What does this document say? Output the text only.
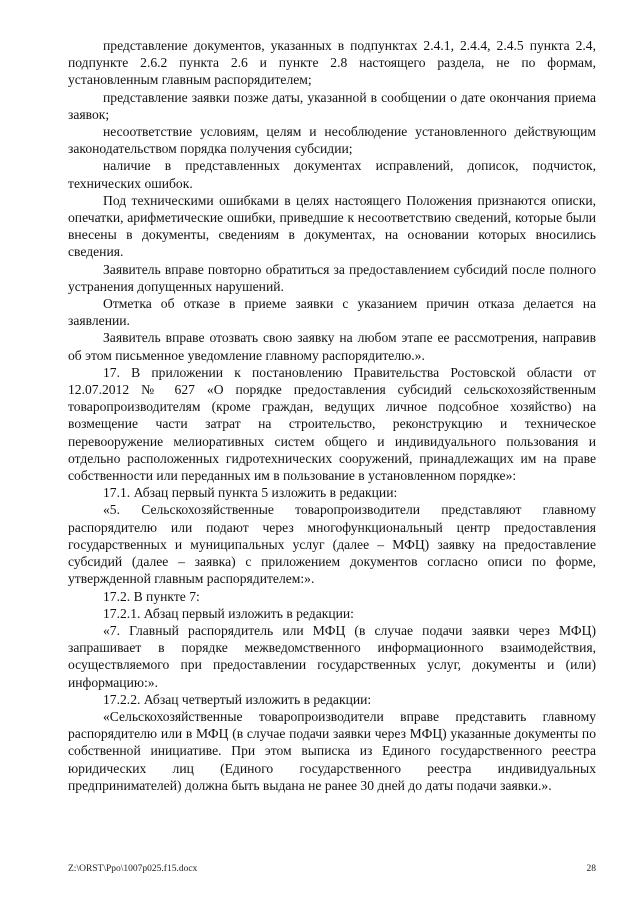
представление документов, указанных в подпунктах 2.4.1, 2.4.4, 2.4.5 пункта 2.4, подпункте 2.6.2 пункта 2.6 и пункте 2.8 настоящего раздела, не по формам, установленным главным распорядителем;

представление заявки позже даты, указанной в сообщении о дате окончания приема заявок;

несоответствие условиям, целям и несоблюдение установленного действующим законодательством порядка получения субсидии;

наличие в представленных документах исправлений, дописок, подчисток, технических ошибок.

Под техническими ошибками в целях настоящего Положения признаются описки, опечатки, арифметические ошибки, приведшие к несоответствию сведений, которые были внесены в документы, сведениям в документах, на основании которых вносились сведения.

Заявитель вправе повторно обратиться за предоставлением субсидий после полного устранения допущенных нарушений.

Отметка об отказе в приеме заявки с указанием причин отказа делается на заявлении.

Заявитель вправе отозвать свою заявку на любом этапе ее рассмотрения, направив об этом письменное уведомление главному распорядителю.».

17. В приложении к постановлению Правительства Ростовской области от 12.07.2012 № 627 «О порядке предоставления субсидий сельскохозяйственным товаропроизводителям (кроме граждан, ведущих личное подсобное хозяйство) на возмещение части затрат на строительство, реконструкцию и техническое перевооружение мелиоративных систем общего и индивидуального пользования и отдельно расположенных гидротехнических сооружений, принадлежащих им на праве собственности или переданных им в пользование в установленном порядке»:

17.1. Абзац первый пункта 5 изложить в редакции:

«5. Сельскохозяйственные товаропроизводители представляют главному распорядителю или подают через многофункциональный центр предоставления государственных и муниципальных услуг (далее – МФЦ) заявку на предоставление субсидий (далее – заявка) с приложением документов согласно описи по форме, утвержденной главным распорядителем:».

17.2. В пункте 7:

17.2.1. Абзац первый изложить в редакции:

«7. Главный распорядитель или МФЦ (в случае подачи заявки через МФЦ) запрашивает в порядке межведомственного информационного взаимодействия, осуществляемого при предоставлении государственных услуг, документы и (или) информацию:».

17.2.2. Абзац четвертый изложить в редакции:

«Сельскохозяйственные товаропроизводители вправе представить главному распорядителю или в МФЦ (в случае подачи заявки через МФЦ) указанные документы по собственной инициативе. При этом выписка из Единого государственного реестра юридических лиц (Единого государственного реестра индивидуальных предпринимателей) должна быть выдана не ранее 30 дней до даты подачи заявки.».

Z:\ORST\Ppo\1007p025.f15.docx	28
